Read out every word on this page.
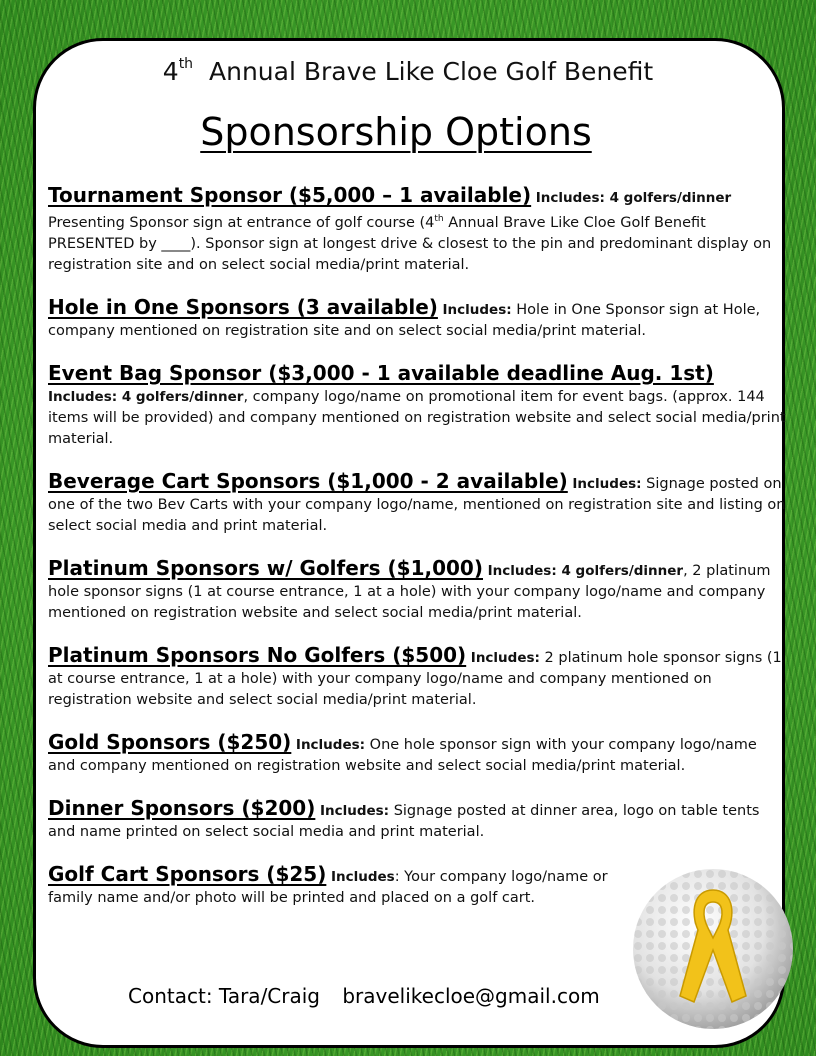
4th Annual Brave Like Cloe Golf Benefit
Sponsorship Options
Tournament Sponsor ($5,000 – 1 available) Includes: 4 golfers/dinner Presenting Sponsor sign at entrance of golf course (4th Annual Brave Like Cloe Golf Benefit PRESENTED by ____). Sponsor sign at longest drive & closest to the pin and predominant display on registration site and on select social media/print material.
Hole in One Sponsors (3 available) Includes: Hole in One Sponsor sign at Hole, company mentioned on registration site and on select social media/print material.
Event Bag Sponsor ($3,000 - 1 available deadline Aug. 1st)
Includes: 4 golfers/dinner, company logo/name on promotional item for event bags. (approx. 144 items will be provided) and company mentioned on registration website and select social media/print material.
Beverage Cart Sponsors ($1,000 - 2 available) Includes: Signage posted on one of the two Bev Carts with your company logo/name, mentioned on registration site and listing on select social media and print material.
Platinum Sponsors w/ Golfers ($1,000) Includes: 4 golfers/dinner, 2 platinum hole sponsor signs (1 at course entrance, 1 at a hole) with your company logo/name and company mentioned on registration website and select social media/print material.
Platinum Sponsors No Golfers ($500) Includes: 2 platinum hole sponsor signs (1 at course entrance, 1 at a hole) with your company logo/name and company mentioned on registration website and select social media/print material.
Gold Sponsors ($250) Includes: One hole sponsor sign with your company logo/name and company mentioned on registration website and select social media/print material.
Dinner Sponsors ($200) Includes: Signage posted at dinner area, logo on table tents and name printed on select social media and print material.
Golf Cart Sponsors ($25) Includes: Your company logo/name or family name and/or photo will be printed and placed on a golf cart.
Contact: Tara/Craig bravelikecloe@gmail.com
